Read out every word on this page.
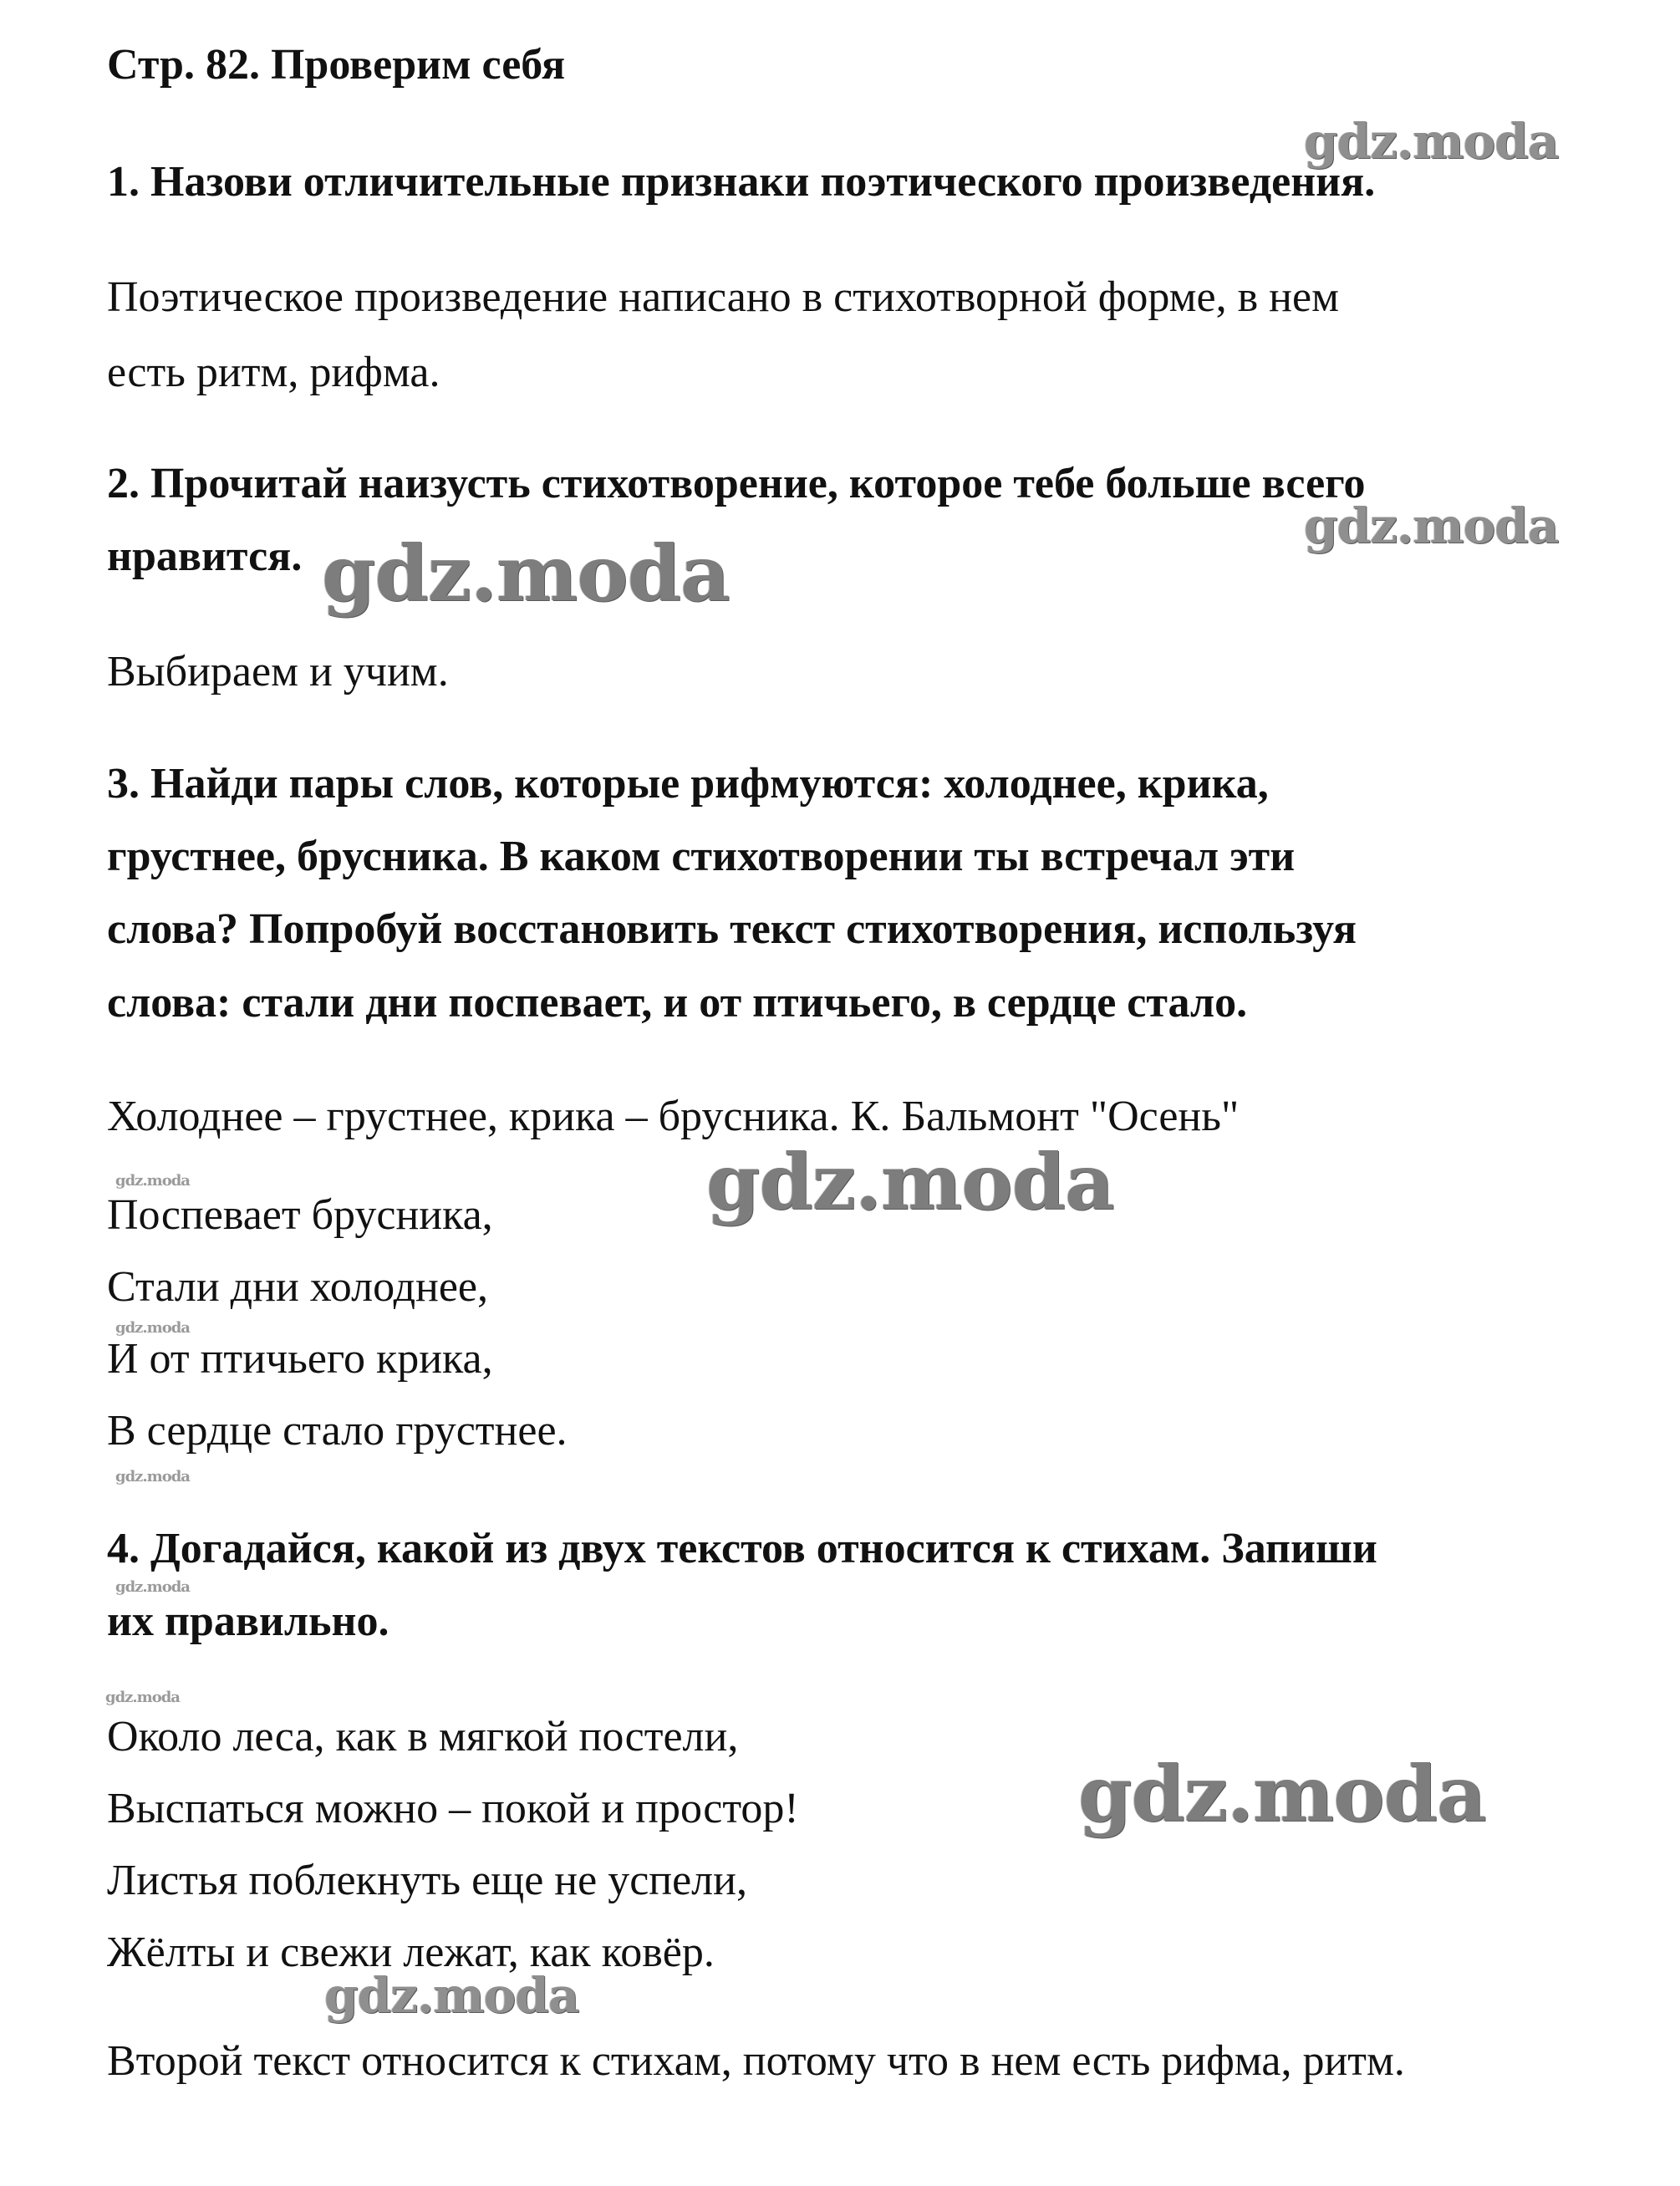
Стр. 82. Проверим себя
1. Назови отличительные признаки поэтического произведения.
Поэтическое произведение написано в стихотворной форме, в нем
есть ритм, рифма.
2. Прочитай наизусть стихотворение, которое тебе больше всего
нравится.
Выбираем и учим.
3. Найди пары слов, которые рифмуются: холоднее, крика,
грустнее, брусника. В каком стихотворении ты встречал эти
слова? Попробуй восстановить текст стихотворения, используя
слова: стали дни поспевает, и от птичьего, в сердце стало.
Холоднее – грустнее, крика – брусника. К. Бальмонт "Осень"
Поспевает брусника,
Стали дни холоднее,
И от птичьего крика,
В сердце стало грустнее.
4. Догадайся, какой из двух текстов относится к стихам. Запиши
их правильно.
Около леса, как в мягкой постели,
Выспаться можно – покой и простор!
Листья поблекнуть еще не успели,
Жёлты и свежи лежат, как ковёр.
Второй текст относится к стихам, потому что в нем есть рифма, ритм.
gdz.moda
gdz.moda
gdz.moda
gdz.moda
gdz.moda
gdz.moda
gdz.moda
gdz.moda
gdz.moda
gdz.moda
gdz.moda
